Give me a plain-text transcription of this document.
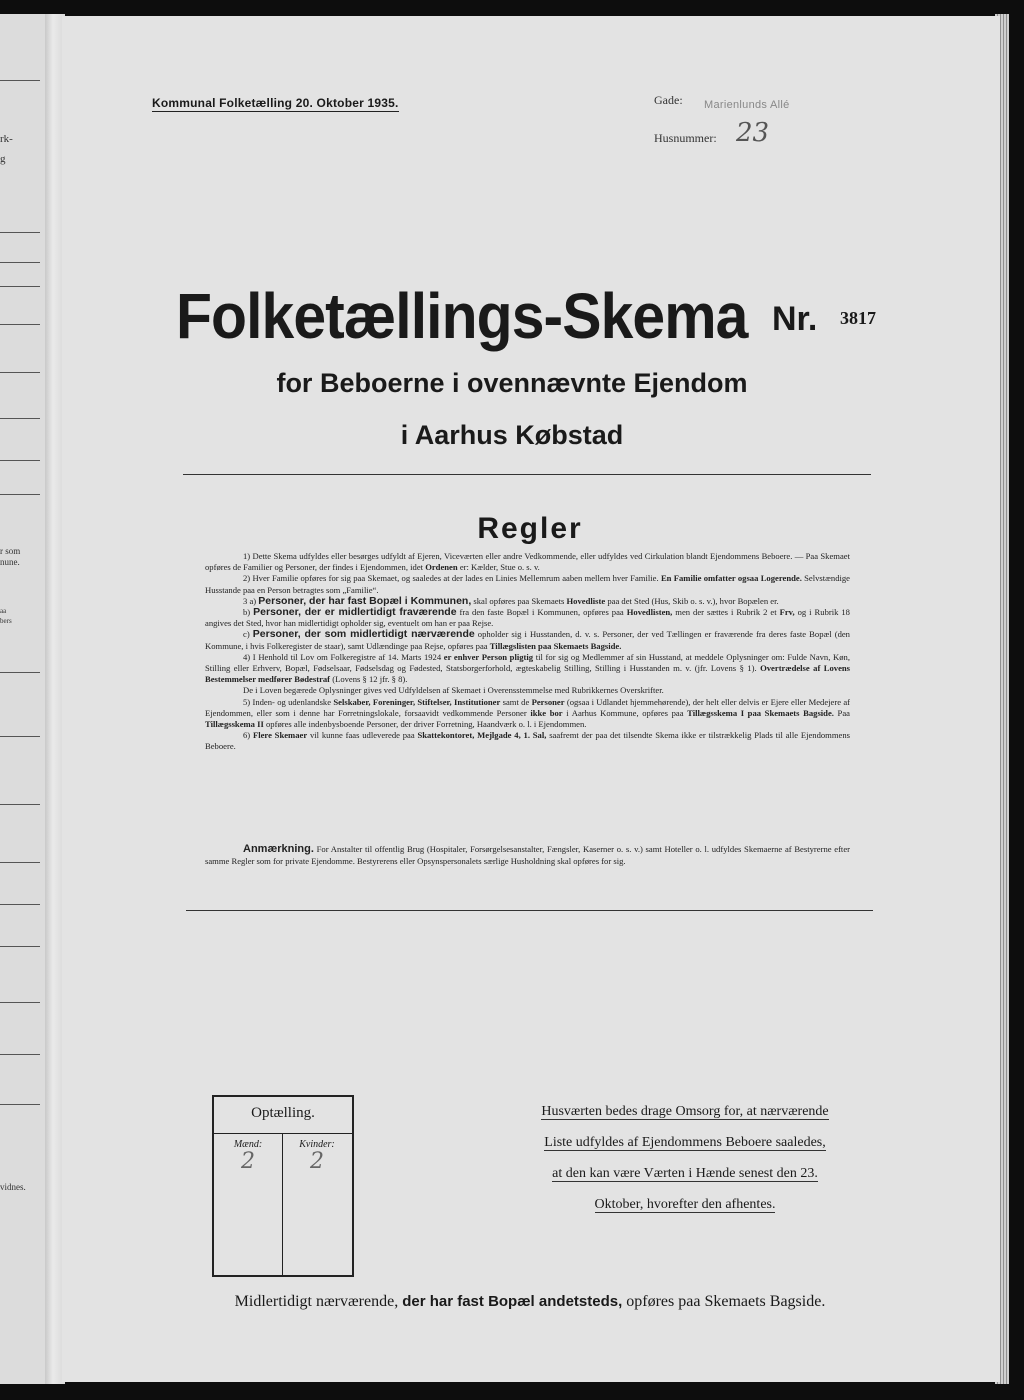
rk-
g
r som
nune.
aa
bers
vidnes.
Kommunal Folketælling 20. Oktober 1935.	Gade: Marienlunds Allé
Husnummer: 23
Folketællings-Skema Nr. 3817
for Beboerne i ovennævnte Ejendom
i Aarhus Købstad
Regler

1) Dette Skema udfyldes eller besørges udfyldt af Ejeren, Viceværten eller andre Vedkommende, eller udfyldes ved Cirkulation blandt Ejendommens Beboere. — Paa Skemaet opføres de Familier og Personer, der findes i Ejendommen, idet Ordenen er: Kælder, Stue o. s. v.

2) Hver Familie opføres for sig paa Skemaet, og saaledes at der lades en Linies Mellemrum aaben mellem hver Familie. En Familie omfatter ogsaa Logerende. Selvstændige Husstande paa en Person betragtes som „Familie“.

3 a) Personer, der har fast Bopæl i Kommunen, skal opføres paa Skemaets Hovedliste paa det Sted (Hus, Skib o. s. v.), hvor Bopælen er.

b) Personer, der er midlertidigt fraværende fra den faste Bopæl i Kommunen, opføres paa Hovedlisten, men der sættes i Rubrik 2 et Frv, og i Rubrik 18 angives det Sted, hvor han midlertidigt opholder sig, eventuelt om han er paa Rejse.

c) Personer, der som midlertidigt nærværende opholder sig i Husstanden, d. v. s. Personer, der ved Tællingen er fraværende fra deres faste Bopæl (den Kommune, i hvis Folkeregister de staar), samt Udlændinge paa Rejse, opføres paa Tillægslisten paa Skemaets Bagside.

4) I Henhold til Lov om Folkeregistre af 14. Marts 1924 er enhver Person pligtig til for sig og Medlemmer af sin Husstand, at meddele Oplysninger om: Fulde Navn, Køn, Stilling eller Erhverv, Bopæl, Fødselsaar, Fødselsdag og Fødested, Statsborgerforhold, ægteskabelig Stilling, Stilling i Husstanden m. v. (jfr. Lovens § 1). Overtrædelse af Lovens Bestemmelser medfører Bødestraf (Lovens § 12 jfr. § 8).

De i Loven begærede Oplysninger gives ved Udfyldelsen af Skemaet i Overensstemmelse med Rubrikkernes Overskrifter.

5) Inden- og udenlandske Selskaber, Foreninger, Stiftelser, Institutioner samt de Personer (ogsaa i Udlandet hjemmehørende), der helt eller delvis er Ejere eller Medejere af Ejendommen, eller som i denne har Forretningslokale, forsaavidt vedkommende Personer ikke bor i Aarhus Kommune, opføres paa Tillægsskema I paa Skemaets Bagside. Paa Tillægsskema II opføres alle indenbysboende Personer, der driver Forretning, Haandværk o. l. i Ejendommen.

6) Flere Skemaer vil kunne faas udleverede paa Skattekontoret, Mejlgade 4, 1. Sal, saafremt der paa det tilsendte Skema ikke er tilstrækkelig Plads til alle Ejendommens Beboere.

Anmærkning. For Anstalter til offentlig Brug (Hospitaler, Forsørgelsesanstalter, Fængsler, Kaserner o. s. v.) samt Hoteller o. l. udfyldes Skemaerne af Bestyrerne efter samme Regler som for private Ejendomme. Bestyrerens eller Opsynspersonalets særlige Husholdning skal opføres for sig.

Optælling.
Mænd:	Kvinder:
2	2
Husværten bedes drage Omsorg for, at nærværende
Liste udfyldes af Ejendommens Beboere saaledes,
at den kan være Værten i Hænde senest den 23.
Oktober, hvorefter den afhentes.
Midlertidigt nærværende, der har fast Bopæl andetsteds, opføres paa Skemaets Bagside.
